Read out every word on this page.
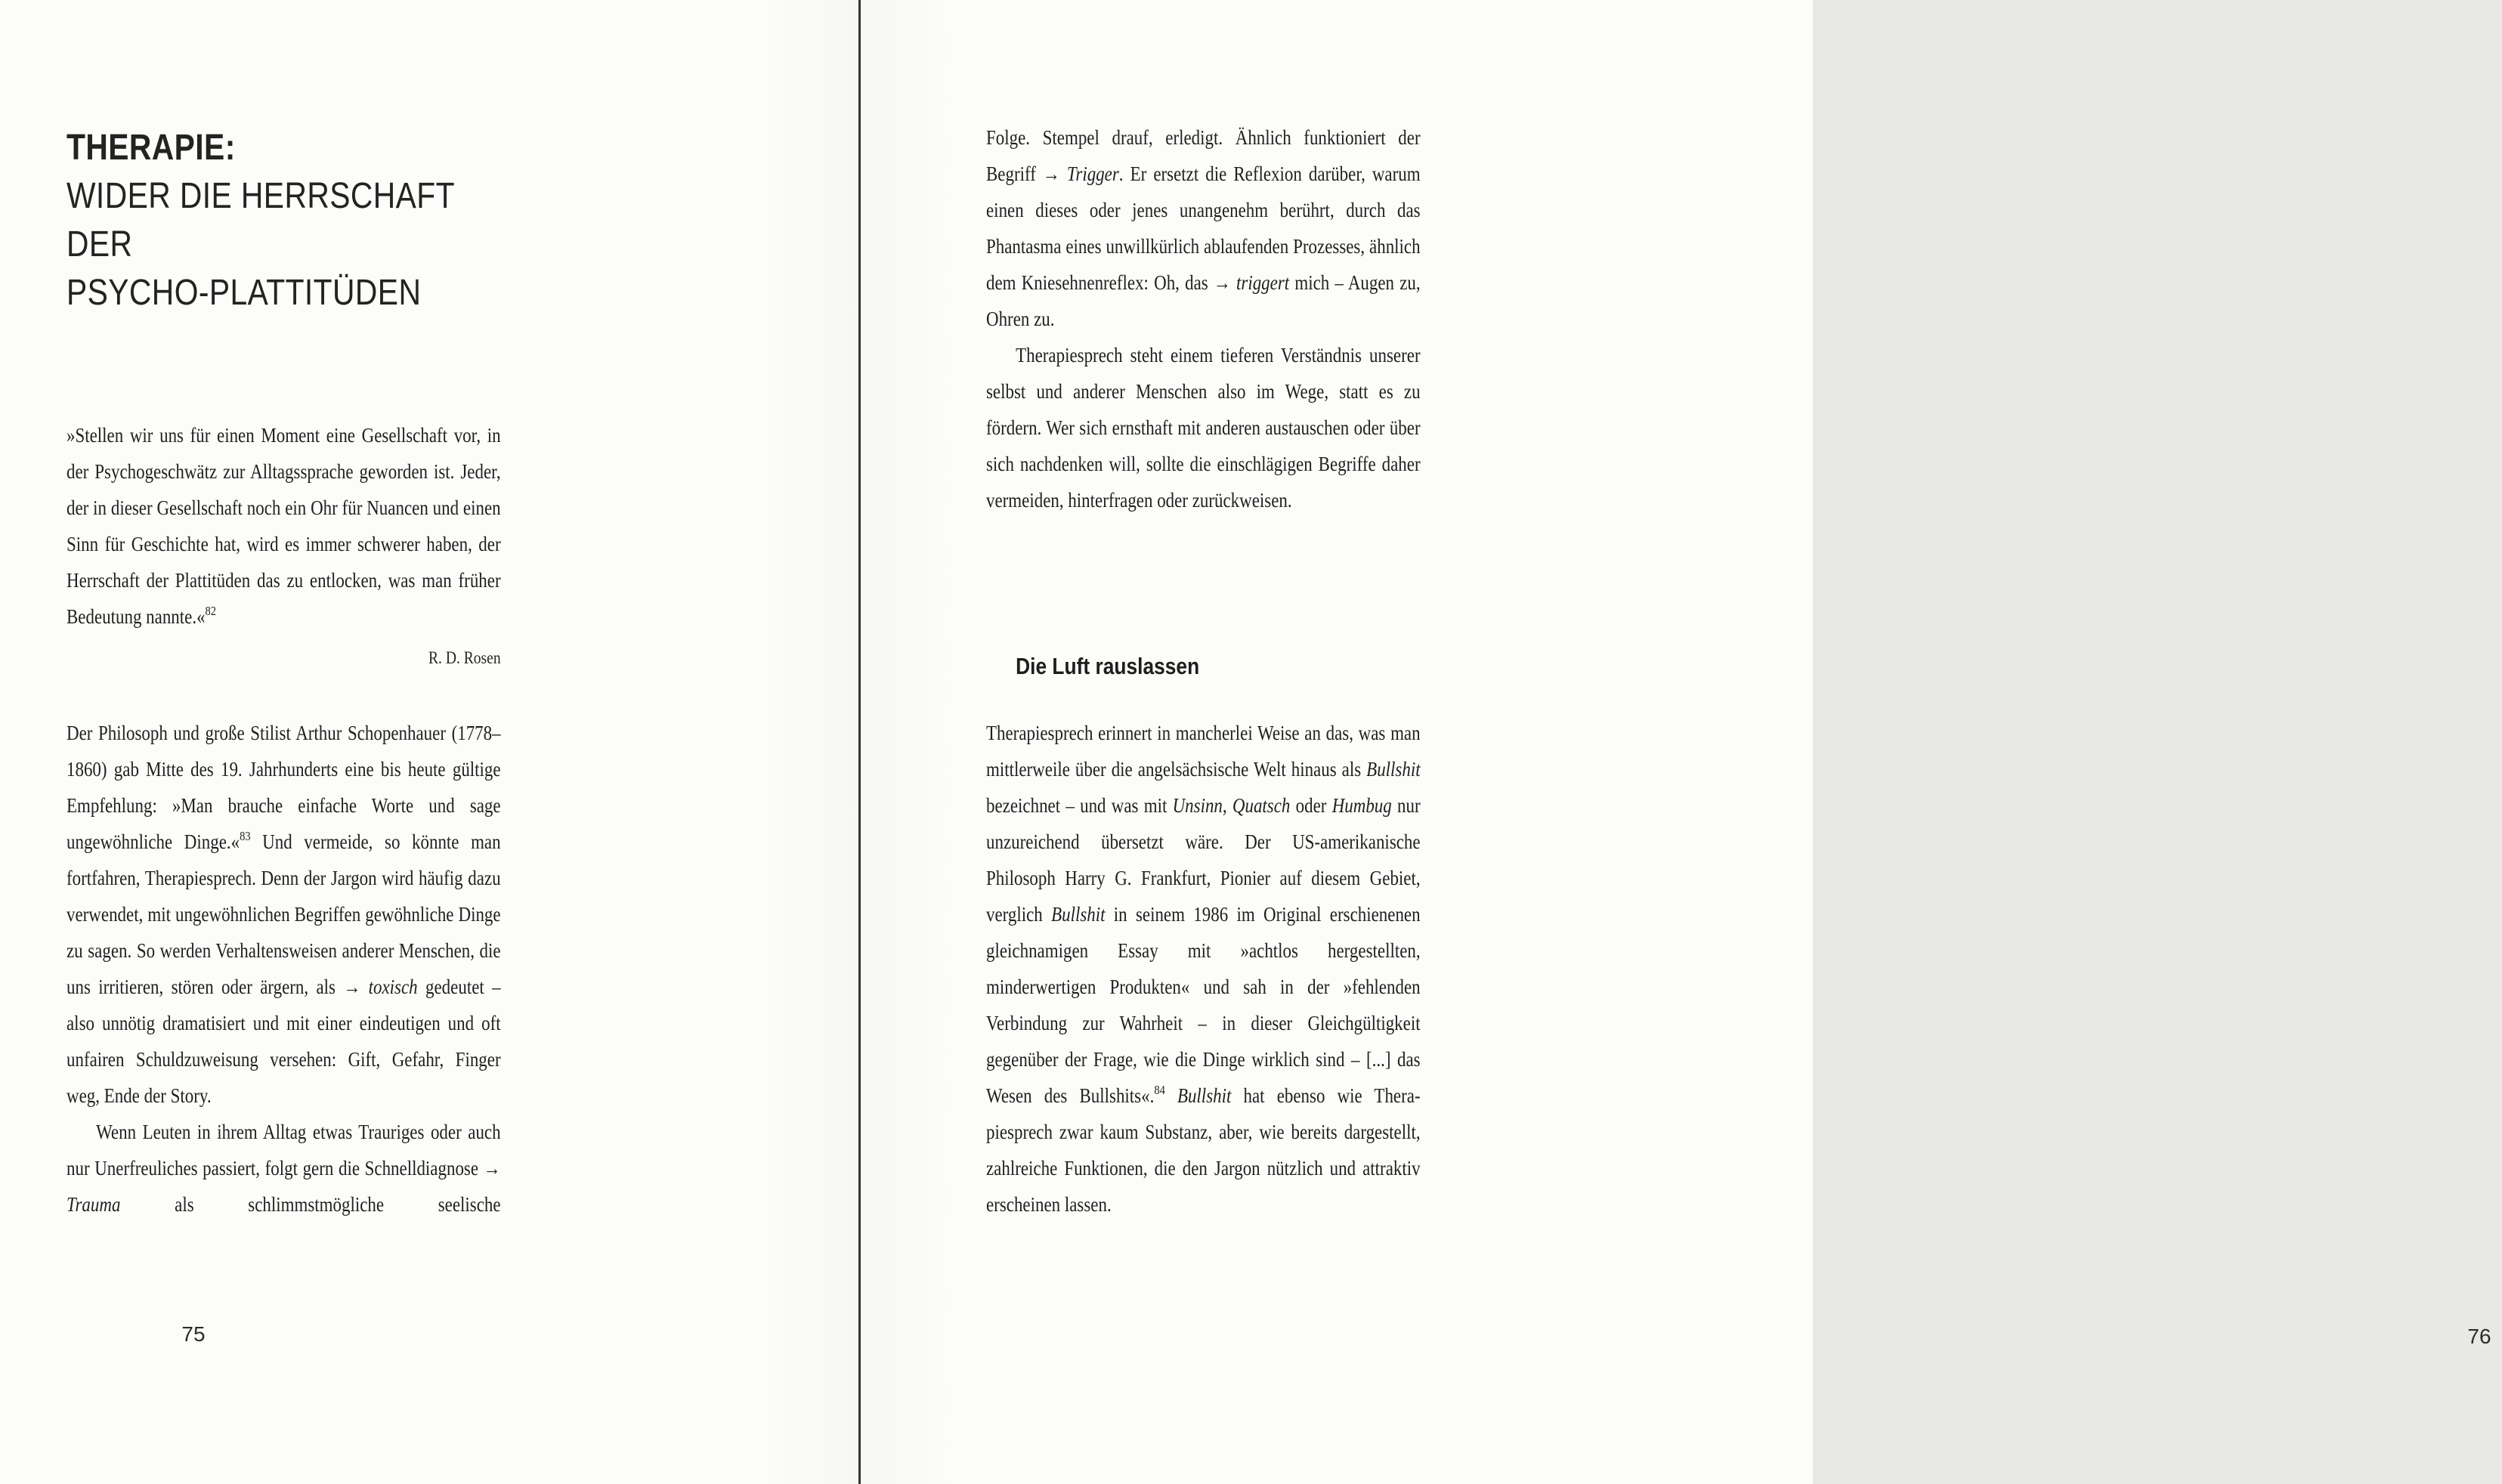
THERAPIE:
WIDER DIE HERRSCHAFT DER
PSYCHO-PLATTITÜDEN
»Stellen wir uns für einen Moment eine Gesellschaft vor, in der Psychogeschwätz zur Alltagssprache geworden ist. Jeder, der in dieser Gesellschaft noch ein Ohr für Nuancen und einen Sinn für Geschichte hat, wird es immer schwerer haben, der Herrschaft der Plattitüden das zu entlocken, was man früher Bedeutung nannte.«$^{82}$
R. D. Rosen

Der Philosoph und große Stilist Arthur Schopenhauer (1778–1860) gab Mitte des 19. Jahrhunderts eine bis heute gültige Empfehlung: »Man brauche einfache Worte und sage ungewöhnliche Dinge.«$^{83}$ Und vermeide, so könnte man fortfahren, Therapiesprech. Denn der Jargon wird häufig dazu verwendet, mit ungewöhnlichen Begriffen gewöhnliche Dinge zu sagen. So werden Verhaltensweisen anderer Menschen, die uns irritieren, stören oder ärgern, als → toxisch gedeutet – also unnötig dramatisiert und mit einer eindeutigen und oft unfairen Schuldzuweisung versehen: Gift, Gefahr, Finger weg, Ende der Story.

Wenn Leuten in ihrem Alltag etwas Trauriges oder auch nur Unerfreuliches passiert, folgt gern die Schnelldiagnose → Trauma als schlimmstmögliche seelische

75

Folge. Stempel drauf, erledigt. Ähnlich funktioniert der Begriff → Trigger. Er ersetzt die Reflexion darüber, warum einen dieses oder jenes unangenehm berührt, durch das Phantasma eines unwillkürlich ablaufenden Prozesses, ähnlich dem Kniesehnenreflex: Oh, das → triggert mich – Augen zu, Ohren zu.

Therapiesprech steht einem tieferen Verständnis unserer selbst und anderer Menschen also im Wege, statt es zu fördern. Wer sich ernsthaft mit anderen austauschen oder über sich nachdenken will, sollte die einschlägigen Begriffe daher vermeiden, hinterfragen oder zurückweisen.

Die Luft rauslassen

Therapiesprech erinnert in mancherlei Weise an das, was man mittlerweile über die angelsächsische Welt hinaus als Bullshit bezeichnet – und was mit Unsinn, Quatsch oder Humbug nur unzureichend übersetzt wäre. Der US-amerikanische Philosoph Harry G. Frankfurt, Pionier auf diesem Gebiet, verglich Bullshit in seinem 1986 im Original erschienenen gleichnamigen Essay mit »achtlos hergestellten, minderwertigen Produkten« und sah in der »fehlenden Verbindung zur Wahrheit – in dieser Gleichgültigkeit gegenüber der Frage, wie die Dinge wirklich sind – [...] das Wesen des Bullshits«.$^{84}$ Bullshit hat ebenso wie Therapiesprech zwar kaum Substanz, aber, wie bereits dargestellt, zahlreiche Funktionen, die den Jargon nützlich und attraktiv erscheinen lassen.

76
